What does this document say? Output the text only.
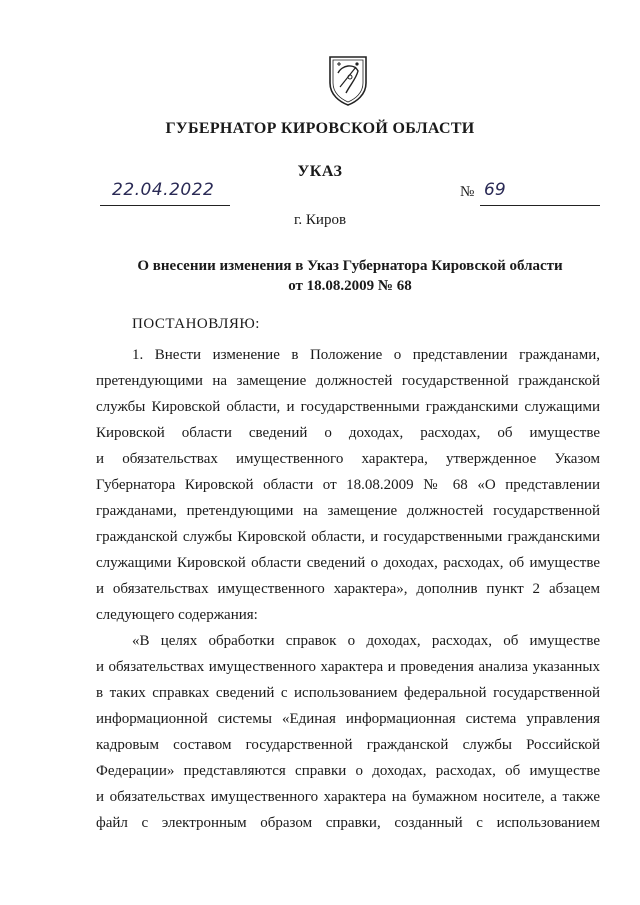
ГУБЕРНАТОР КИРОВСКОЙ ОБЛАСТИ
УКАЗ
22.04.2022	№ 69
г. Киров
О внесении изменения в Указ Губернатора Кировской области
от 18.08.2009 № 68
ПОСТАНОВЛЯЮ:
1. Внести изменение в Положение о представлении гражданами,
претендующими на замещение должностей государственной гражданской
службы Кировской области, и государственными гражданскими служащими
Кировской области сведений о доходах, расходах, об имуществе
и обязательствах имущественного характера, утвержденное Указом
Губернатора Кировской области от 18.08.2009 № 68 «О представлении
гражданами, претендующими на замещение должностей государственной
гражданской службы Кировской области, и государственными гражданскими
служащими Кировской области сведений о доходах, расходах, об имуществе
и обязательствах имущественного характера», дополнив пункт 2 абзацем
следующего содержания:
«В целях обработки справок о доходах, расходах, об имуществе
и обязательствах имущественного характера и проведения анализа указанных
в таких справках сведений с использованием федеральной государственной
информационной системы «Единая информационная система управления
кадровым составом государственной гражданской службы Российской
Федерации» представляются справки о доходах, расходах, об имуществе
и обязательствах имущественного характера на бумажном носителе, а также
файл с электронным образом справки, созданный с использованием
